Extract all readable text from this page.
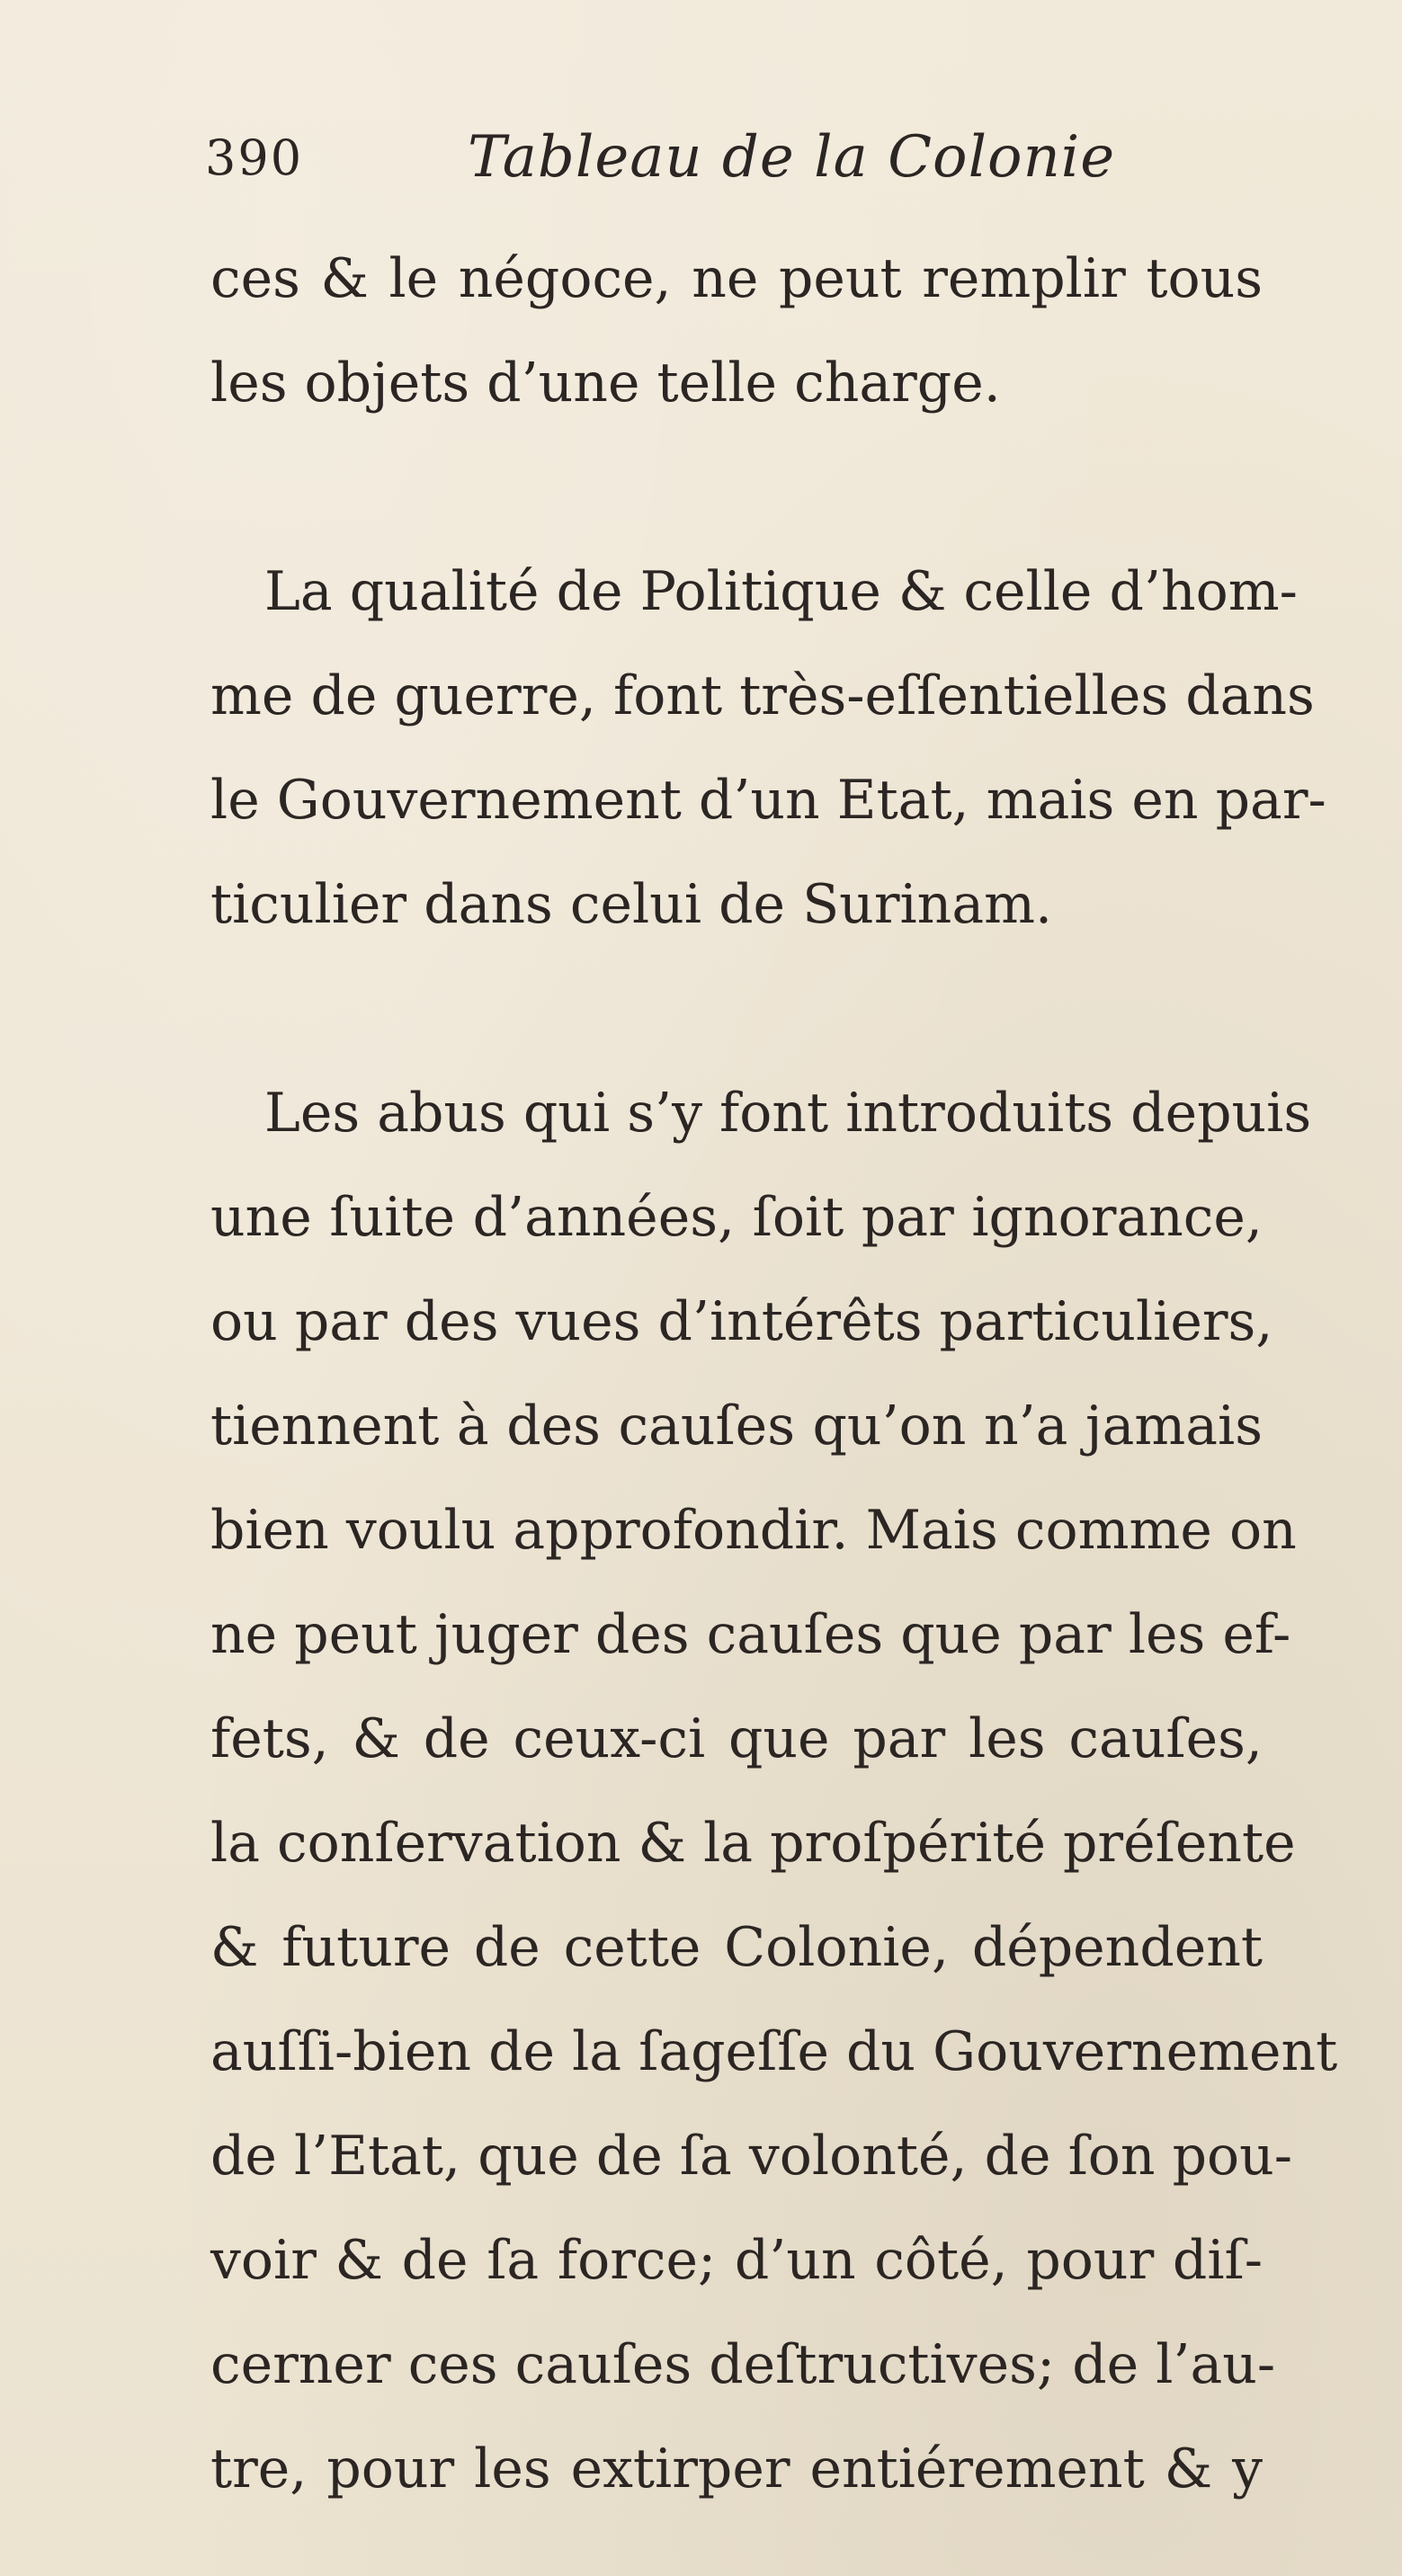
390	Tableau de la Colonie
ces & le négoce, ne peut remplir tous
les objets d’une telle charge.
La qualité de Politique & celle d’hom-
me de guerre, font très-eſſentielles dans
le Gouvernement d’un Etat, mais en par-
ticulier dans celui de Surinam.
Les abus qui s’y font introduits depuis
une ſuite d’années, ſoit par ignorance,
ou par des vues d’intérêts particuliers,
tiennent à des cauſes qu’on n’a jamais
bien voulu approfondir. Mais comme on
ne peut juger des cauſes que par les ef-
fets, & de ceux-ci que par les cauſes,
la conſervation & la proſpérité préſente
& future de cette Colonie, dépendent
auſſi-bien de la ſageſſe du Gouvernement
de l’Etat, que de ſa volonté, de ſon pou-
voir & de ſa force; d’un côté, pour diſ-
cerner ces cauſes deſtructives; de l’au-
tre, pour les extirper entiérement & y
